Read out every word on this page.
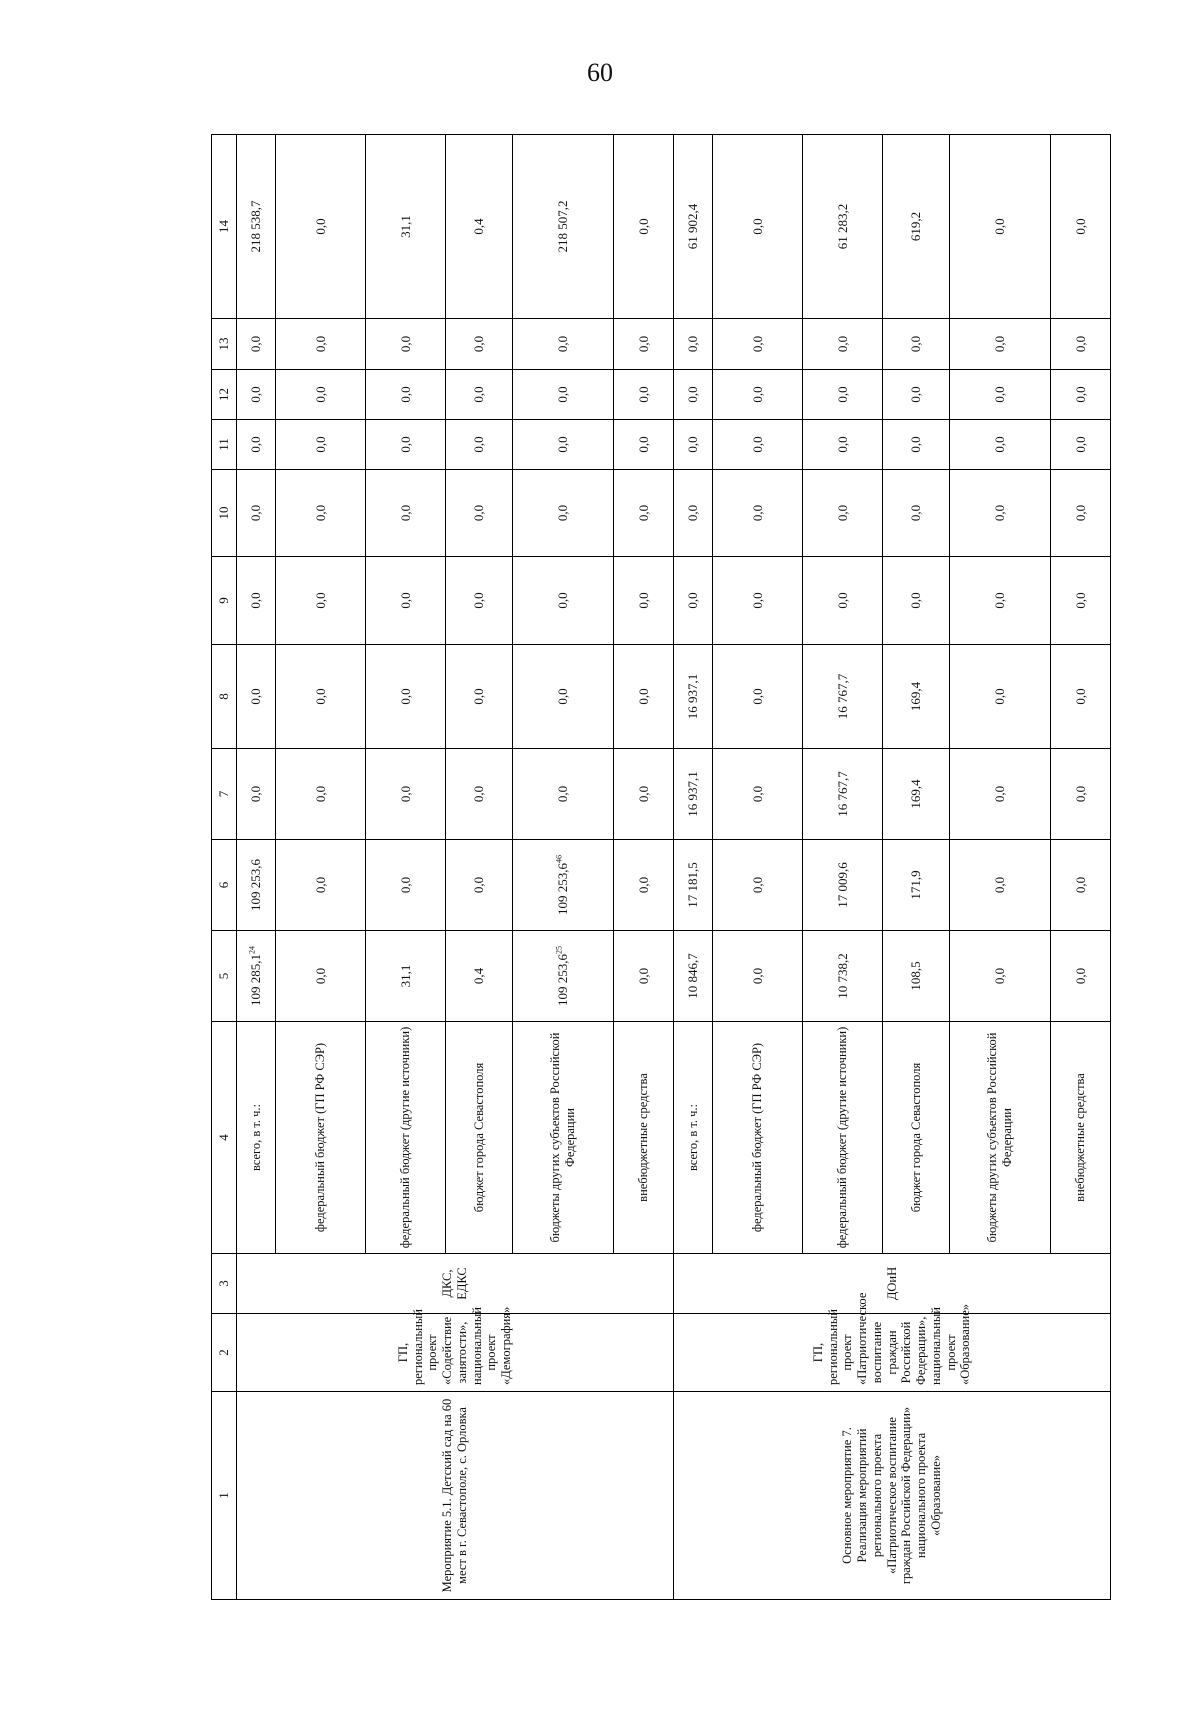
60
1	2	3	4	5	6	7	8	9	10	11	12	13	14
Мероприятие 5.1. Детский сад на 60 мест в г. Севастополе, с. Орловка	ГП, региональный проект «Содействие занятости», национальный проект «Демография»	ДКС, ЕДКС	всего, в т. ч.:	109 285,1$^{24}$	109 253,6	0,0	0,0	0,0	0,0	0,0	0,0	0,0	218 538,7
			федеральный бюджет (ГП РФ СЭР)	0,0	0,0	0,0	0,0	0,0	0,0	0,0	0,0	0,0	0,0
			федеральный бюджет (другие источники)	31,1	0,0	0,0	0,0	0,0	0,0	0,0	0,0	0,0	31,1
			бюджет города Севастополя	0,4	0,0	0,0	0,0	0,0	0,0	0,0	0,0	0,0	0,4
			бюджеты других субъектов Российской Федерации	109 253,6$^{25}$	109 253,6$^{46}$	0,0	0,0	0,0	0,0	0,0	0,0	0,0	218 507,2
			внебюджетные средства	0,0	0,0	0,0	0,0	0,0	0,0	0,0	0,0	0,0	0,0
Основное мероприятие 7. Реализация мероприятий регионального проекта «Патриотическое воспитание граждан Российской Федерации» национального проекта «Образование»	ГП, региональный проект «Патриотическое воспитание граждан Российской Федерации», национальный проект «Образование»	ДОиН	всего, в т. ч.:	10 846,7	17 181,5	16 937,1	16 937,1	0,0	0,0	0,0	0,0	0,0	61 902,4
			федеральный бюджет (ГП РФ СЭР)	0,0	0,0	0,0	0,0	0,0	0,0	0,0	0,0	0,0	0,0
			федеральный бюджет (другие источники)	10 738,2	17 009,6	16 767,7	16 767,7	0,0	0,0	0,0	0,0	0,0	61 283,2
			бюджет города Севастополя	108,5	171,9	169,4	169,4	0,0	0,0	0,0	0,0	0,0	619,2
			бюджеты других субъектов Российской Федерации	0,0	0,0	0,0	0,0	0,0	0,0	0,0	0,0	0,0	0,0
			внебюджетные средства	0,0	0,0	0,0	0,0	0,0	0,0	0,0	0,0	0,0	0,0
